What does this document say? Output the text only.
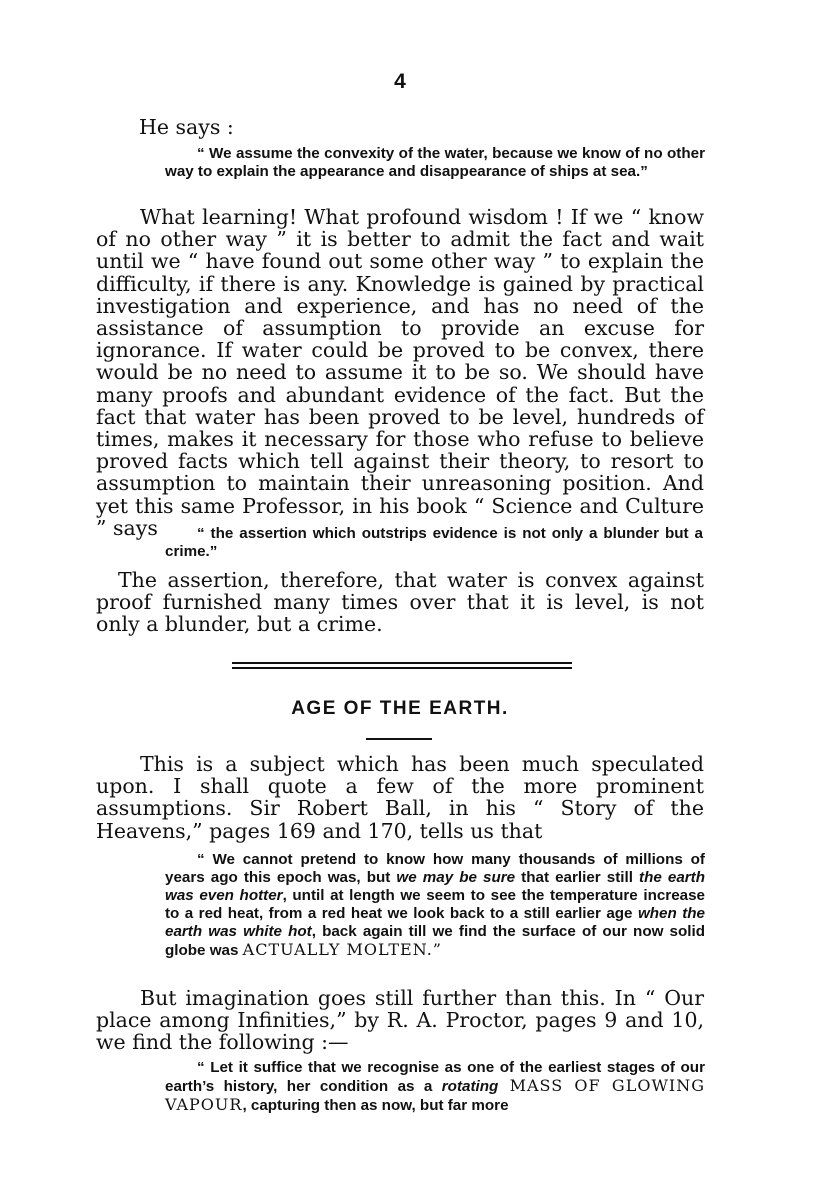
4
He says :
“ We assume the convexity of the water, because we know of no other way to explain the appearance and disappearance of ships at sea.”
What learning! What profound wisdom ! If we “ know of no other way ” it is better to admit the fact and wait until we “ have found out some other way ” to explain the difficulty, if there is any. Knowledge is gained by practical investigation and experience, and has no need of the assistance of assumption to provide an excuse for ignorance. If water could be proved to be convex, there would be no need to assume it to be so. We should have many proofs and abundant evidence of the fact. But the fact that water has been proved to be level, hundreds of times, makes it necessary for those who refuse to believe proved facts which tell against their theory, to resort to assumption to maintain their unreasoning position. And yet this same Professor, in his book “ Science and Culture ” says	“ the assertion which outstrips evidence is not only a blunder but a crime.”
The assertion, therefore, that water is convex against proof furnished many times over that it is level, is not only a blunder, but a crime.
AGE OF THE EARTH.
This is a subject which has been much speculated upon. I shall quote a few of the more prominent assumptions. Sir Robert Ball, in his “ Story of the Heavens,” pages 169 and 170, tells us that
“ We cannot pretend to know how many thousands of millions of years ago this epoch was, but we may be sure that earlier still the earth was even hotter, until at length we seem to see the temperature increase to a red heat, from a red heat we look back to a still earlier age when the earth was white hot, back again till we find the surface of our now solid globe was ACTUALLY MOLTEN.”
But imagination goes still further than this. In “ Our place among Infinities,” by R. A. Proctor, pages 9 and 10, we find the following :—
“ Let it suffice that we recognise as one of the earliest stages of our earth’s history, her condition as a rotating MASS OF GLOWING VAPOUR, capturing then as now, but far more
